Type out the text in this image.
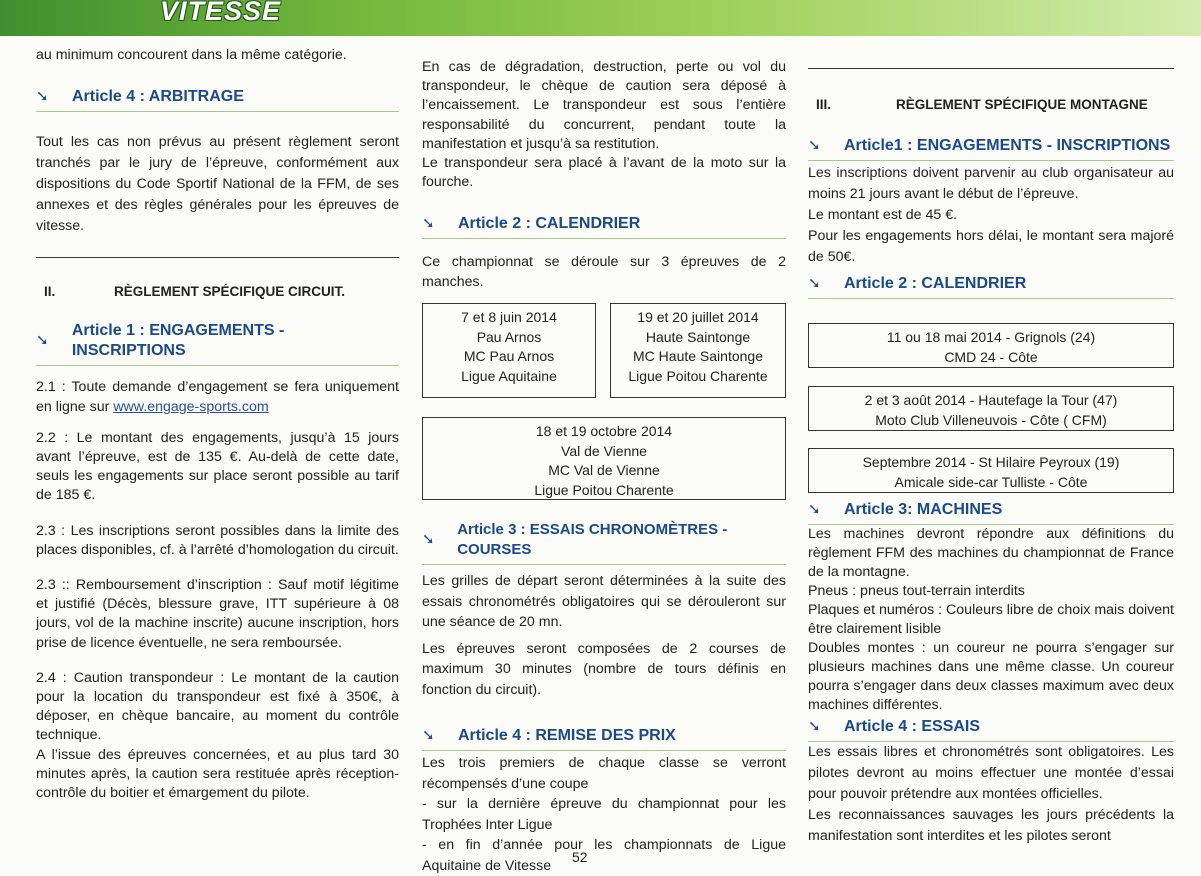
VITESSE

au minimum concourent dans la même catégorie.

➘ Article 4 : ARBITRAGE

Tout les cas non prévus au présent règlement seront tranchés par le jury de l’épreuve, conformément aux dispositions du Code Sportif National de la FFM, de ses annexes et des règles générales pour les épreuves de vitesse.

II.	RÈGLEMENT SPÉCIFIQUE CIRCUIT.
➘
Article 1 : ENGAGEMENTS - INSCRIPTIONS

2.1 : Toute demande d’engagement se fera uniquement en ligne sur www.engage-sports.com

2.2 : Le montant des engagements, jusqu’à 15 jours avant l’épreuve, est de 135 €. Au-delà de cette date, seuls les engagements sur place seront possible au tarif de 185 €.

2.3 : Les inscriptions seront possibles dans la limite des places disponibles, cf. à l’arrêté d’homologation du circuit.

2.3 :: Remboursement d’inscription : Sauf motif légitime et justifié (Décès, blessure grave, ITT supérieure à 08 jours, vol de la machine inscrite) aucune inscription, hors prise de licence éventuelle, ne sera remboursée.

2.4 : Caution transpondeur : Le montant de la caution pour la location du transpondeur est fixé à 350€, à déposer, en chèque bancaire, au moment du contrôle technique.

A l’issue des épreuves concernées, et au plus tard 30 minutes après, la caution sera restituée après réception-contrôle du boitier et émargement du pilote.

En cas de dégradation, destruction, perte ou vol du transpondeur, le chèque de caution sera déposé à l’encaissement. Le transpondeur est sous l’entière responsabilité du concurrent, pendant toute la manifestation et jusqu’à sa restitution.

Le transpondeur sera placé à l’avant de la moto sur la fourche.

➘ Article 2 : CALENDRIER

Ce championnat se déroule sur 3 épreuves de 2 manches.

7 et 8 juin 2014
Pau Arnos
MC Pau Arnos
Ligue Aquitaine
19 et 20 juillet 2014
Haute Saintonge
MC Haute Saintonge
Ligue Poitou Charente
18 et 19 octobre 2014
Val de Vienne
MC Val de Vienne
Ligue Poitou Charente
➘
Article 3 : ESSAIS CHRONOMÈTRES - COURSES

Les grilles de départ seront déterminées à la suite des essais chronométrés obligatoires qui se dérouleront sur une séance de 20 mn.

Les épreuves seront composées de 2 courses de maximum 30 minutes (nombre de tours définis en fonction du circuit).

➘ Article 4 : REMISE DES PRIX

Les trois premiers de chaque classe se verront récompensés d’une coupe

- sur la dernière épreuve du championnat pour les Trophées Inter Ligue

- en fin d’année pour les championnats de Ligue Aquitaine de Vitesse

III.	RÈGLEMENT SPÉCIFIQUE MONTAGNE
➘ Article1 : ENGAGEMENTS - INSCRIPTIONS

Les inscriptions doivent parvenir au club organisateur au moins 21 jours avant le début de l’épreuve.

Le montant est de 45 €.

Pour les engagements hors délai, le montant sera majoré de 50€.

➘ Article 2 : CALENDRIER
11 ou 18 mai 2014 - Grignols (24)
CMD 24 - Côte
2 et 3 août 2014 - Hautefage la Tour (47)
Moto Club Villeneuvois - Côte ( CFM)
Septembre 2014 - St Hilaire Peyroux (19)
Amicale side-car Tulliste - Côte
➘ Article 3: MACHINES

Les machines devront répondre aux définitions du règlement FFM des machines du championnat de France de la montagne.

Pneus : pneus tout-terrain interdits

Plaques et numéros : Couleurs libre de choix mais doivent être clairement lisible

Doubles montes : un coureur ne pourra s’engager sur plusieurs machines dans une même classe. Un coureur pourra s’engager dans deux classes maximum avec deux machines différentes.

➘ Article 4 : ESSAIS

Les essais libres et chronométrés sont obligatoires. Les pilotes devront au moins effectuer une montée d’essai pour pouvoir prétendre aux montées officielles.

Les reconnaissances sauvages les jours précédents la manifestation sont interdites et les pilotes seront

52
